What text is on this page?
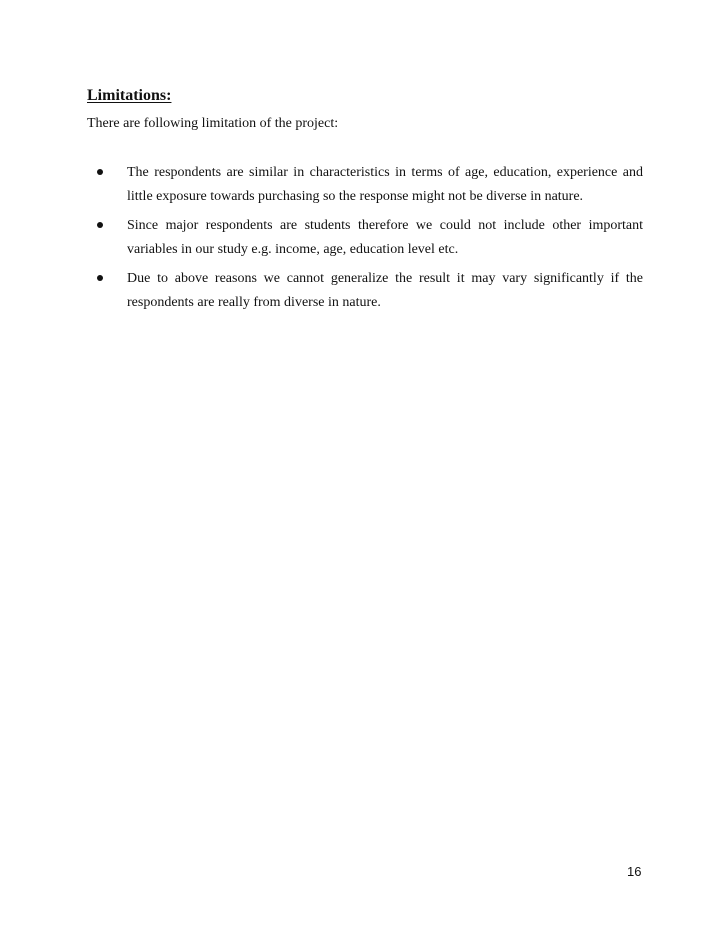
Limitations:
There are following limitation of the project:
The respondents are similar in characteristics in terms of age, education, experience and little exposure towards purchasing so the response might not be diverse in nature.
Since major respondents are students therefore we could not include other important variables in our study e.g. income, age, education level etc.
Due to above reasons we cannot generalize the result it may vary significantly if the respondents are really from diverse in nature.
16
